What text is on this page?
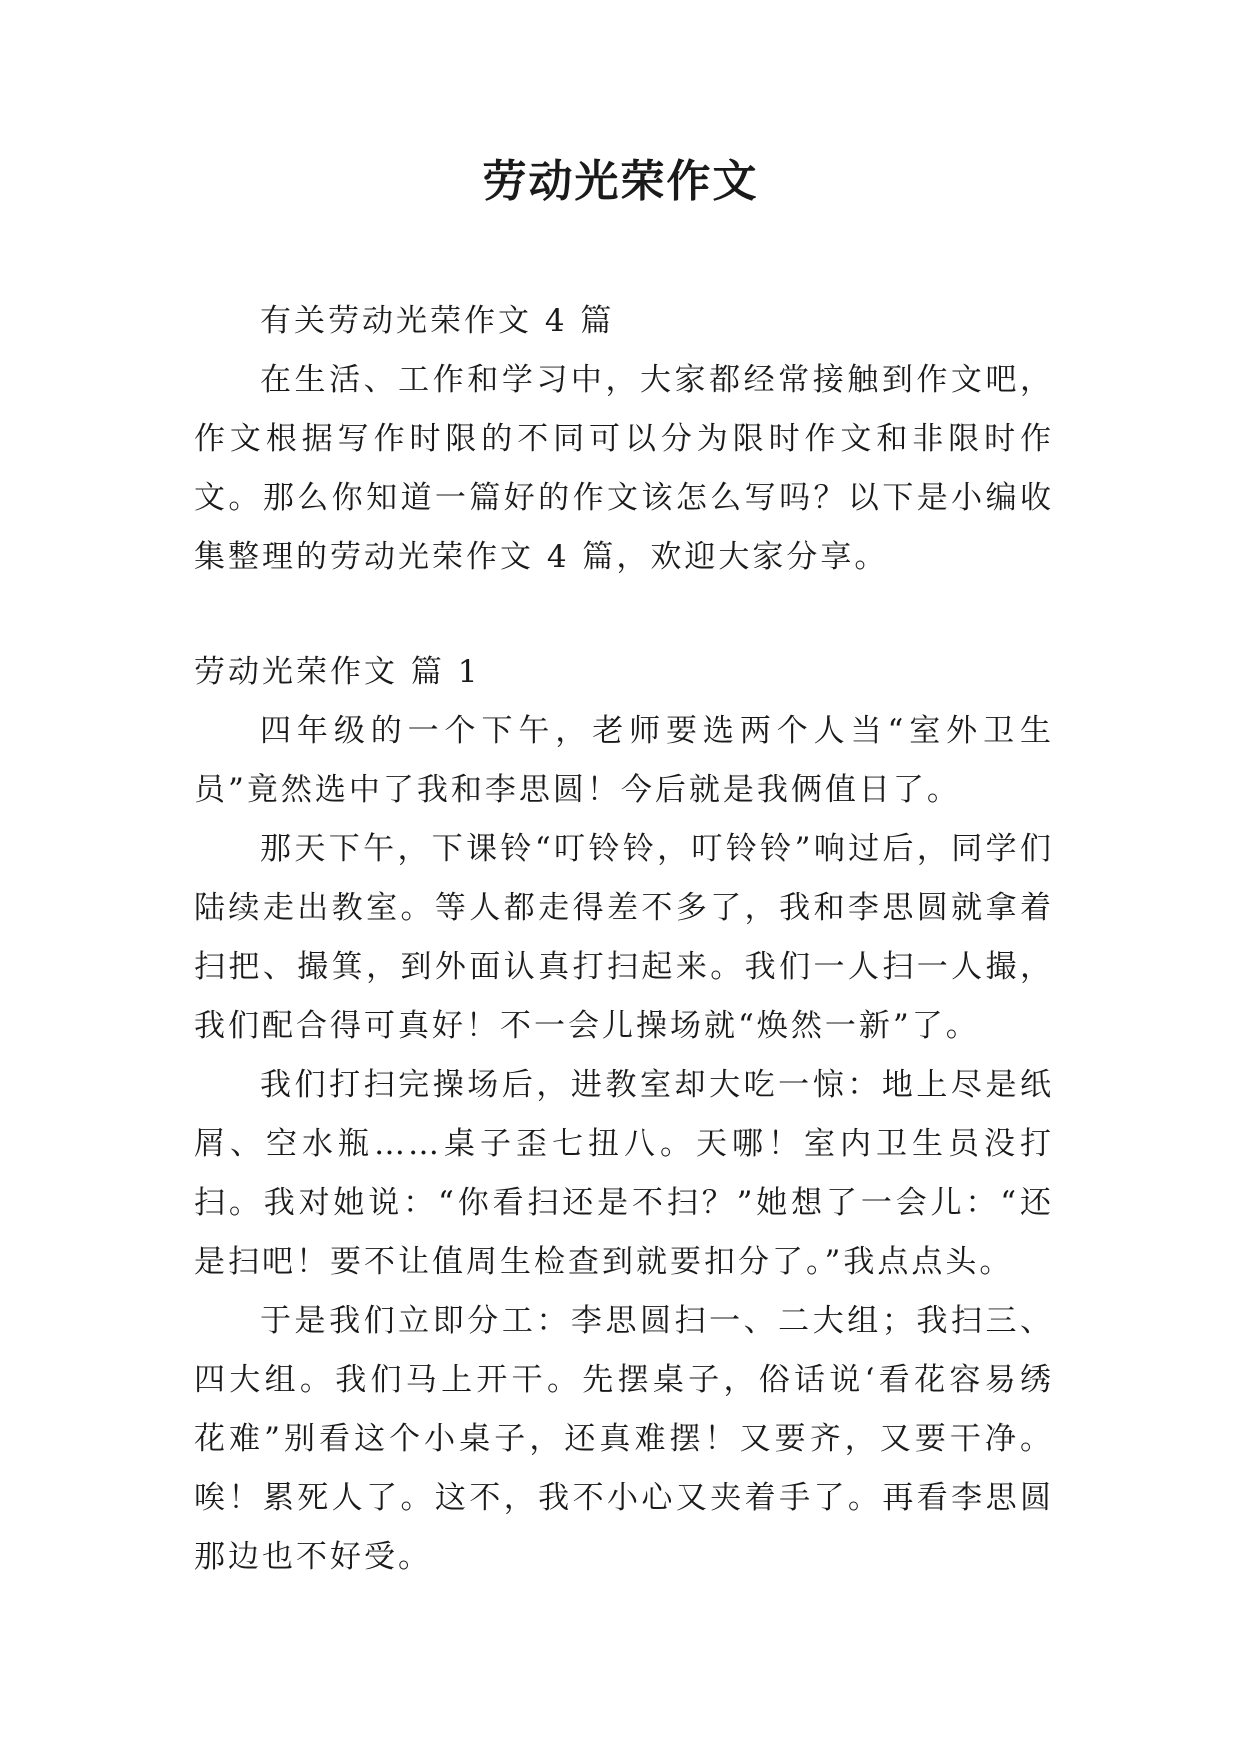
劳动光荣作文

有关劳动光荣作文 4 篇

在生活、工作和学习中，大家都经常接触到作文吧，作文根据写作时限的不同可以分为限时作文和非限时作文。那么你知道一篇好的作文该怎么写吗？以下是小编收集整理的劳动光荣作文 4 篇，欢迎大家分享。

劳动光荣作文 篇 1

四年级的一个下午，老师要选两个人当“室外卫生员”竟然选中了我和李思圆！今后就是我俩值日了。

那天下午，下课铃“叮铃铃，叮铃铃”响过后，同学们陆续走出教室。等人都走得差不多了，我和李思圆就拿着扫把、撮箕，到外面认真打扫起来。我们一人扫一人撮，我们配合得可真好！不一会儿操场就“焕然一新”了。

我们打扫完操场后，进教室却大吃一惊：地上尽是纸屑、空水瓶……桌子歪七扭八。天哪！室内卫生员没打扫。我对她说：“你看扫还是不扫？”她想了一会儿：“还是扫吧！要不让值周生检查到就要扣分了。”我点点头。

于是我们立即分工：李思圆扫一、二大组；我扫三、四大组。我们马上开干。先摆桌子，俗话说‘看花容易绣花难”别看这个小桌子，还真难摆！又要齐，又要干净。唉！累死人了。这不，我不小心又夹着手了。再看李思圆那边也不好受。
